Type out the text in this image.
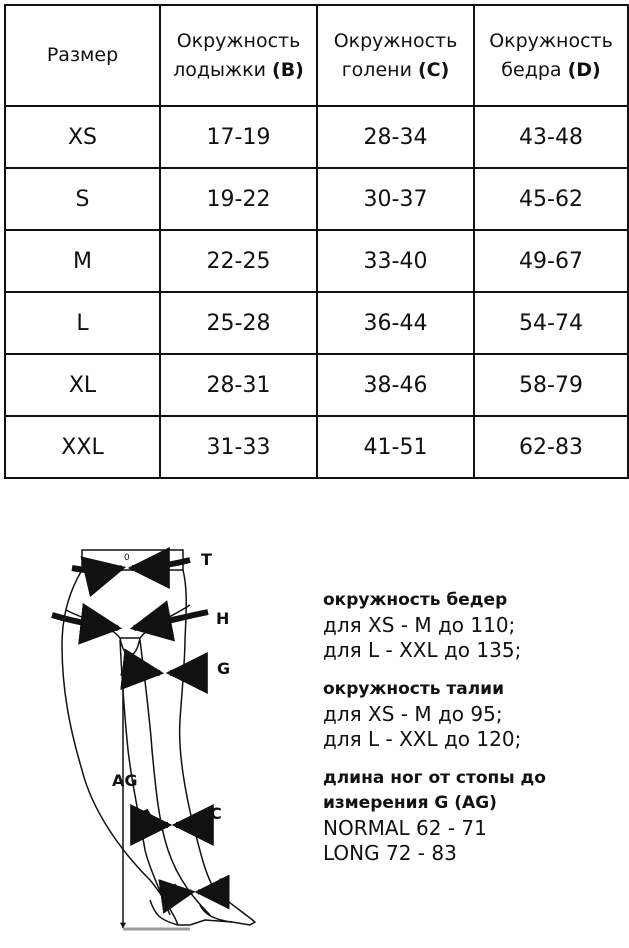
Размер	Окружность лодыжки (B)	Окружность голени (C)	Окружность бедра (D)
XS	17-19	28-34	43-48
S	19-22	30-37	45-62
M	22-25	33-40	49-67
L	25-28	36-44	54-74
XL	28-31	38-46	58-79
XXL	31-33	41-51	62-83
0	T
H
G
AG
C
B
окружность бедер
для XS - M до 110;
для L - XXL до 135;
окружность талии
для XS - M до 95;
для L - XXL до 120;
длина ног от стопы до измерения G (AG)
NORMAL 62 - 71
LONG 72 - 83
